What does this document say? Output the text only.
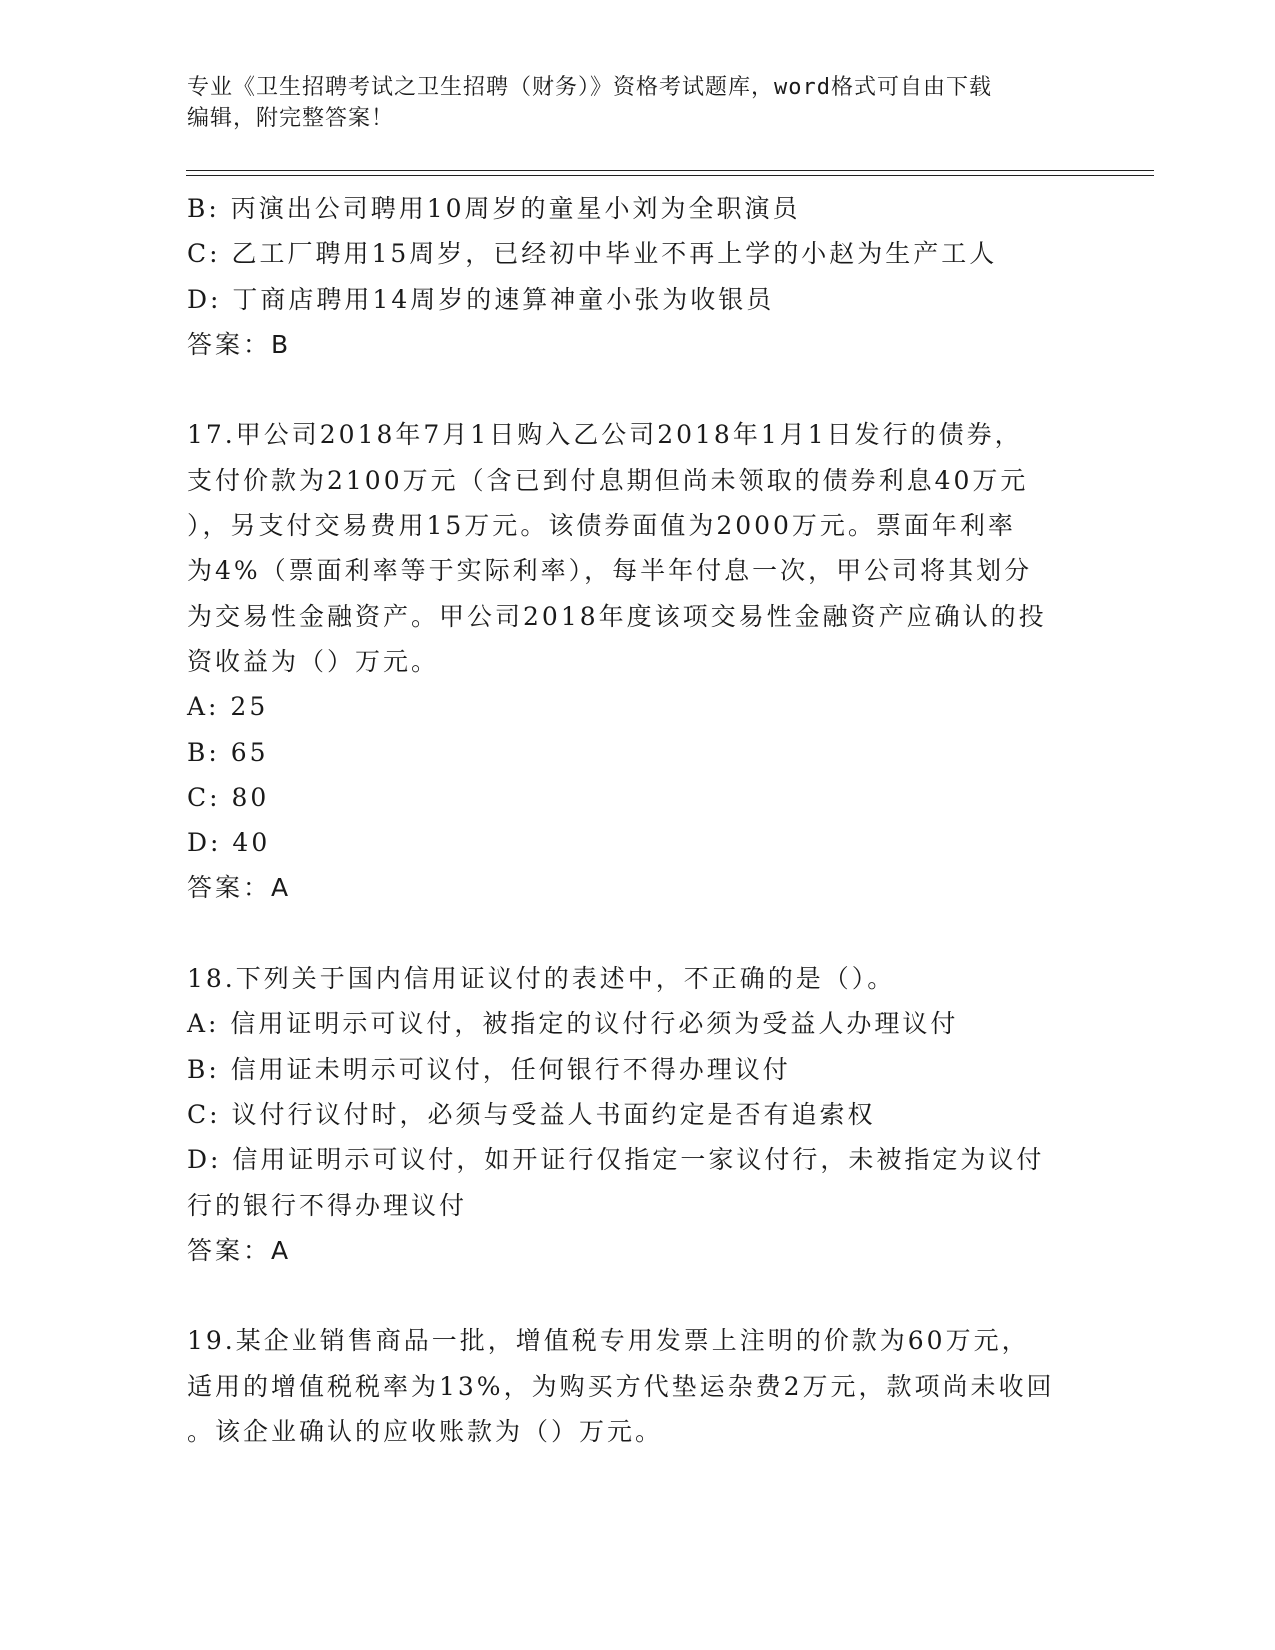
专业《卫生招聘考试之卫生招聘（财务）》资格考试题库，word格式可自由下载
编辑，附完整答案！
B: 丙演出公司聘用10周岁的童星小刘为全职演员
C: 乙工厂聘用15周岁，已经初中毕业不再上学的小赵为生产工人
D: 丁商店聘用14周岁的速算神童小张为收银员
答案：B
17.甲公司2018年7月1日购入乙公司2018年1月1日发行的债券，
支付价款为2100万元（含已到付息期但尚未领取的债券利息40万元
），另支付交易费用15万元。该债券面值为2000万元。票面年利率
为4%（票面利率等于实际利率），每半年付息一次，甲公司将其划分
为交易性金融资产。甲公司2018年度该项交易性金融资产应确认的投
资收益为（）万元。
A: 25
B: 65
C: 80
D: 40
答案：A
18.下列关于国内信用证议付的表述中，不正确的是（）。
A: 信用证明示可议付，被指定的议付行必须为受益人办理议付
B: 信用证未明示可议付，任何银行不得办理议付
C: 议付行议付时，必须与受益人书面约定是否有追索权
D: 信用证明示可议付，如开证行仅指定一家议付行，未被指定为议付
行的银行不得办理议付
答案：A
19.某企业销售商品一批，增值税专用发票上注明的价款为60万元，
适用的增值税税率为13%，为购买方代垫运杂费2万元，款项尚未收回
。该企业确认的应收账款为（）万元。
